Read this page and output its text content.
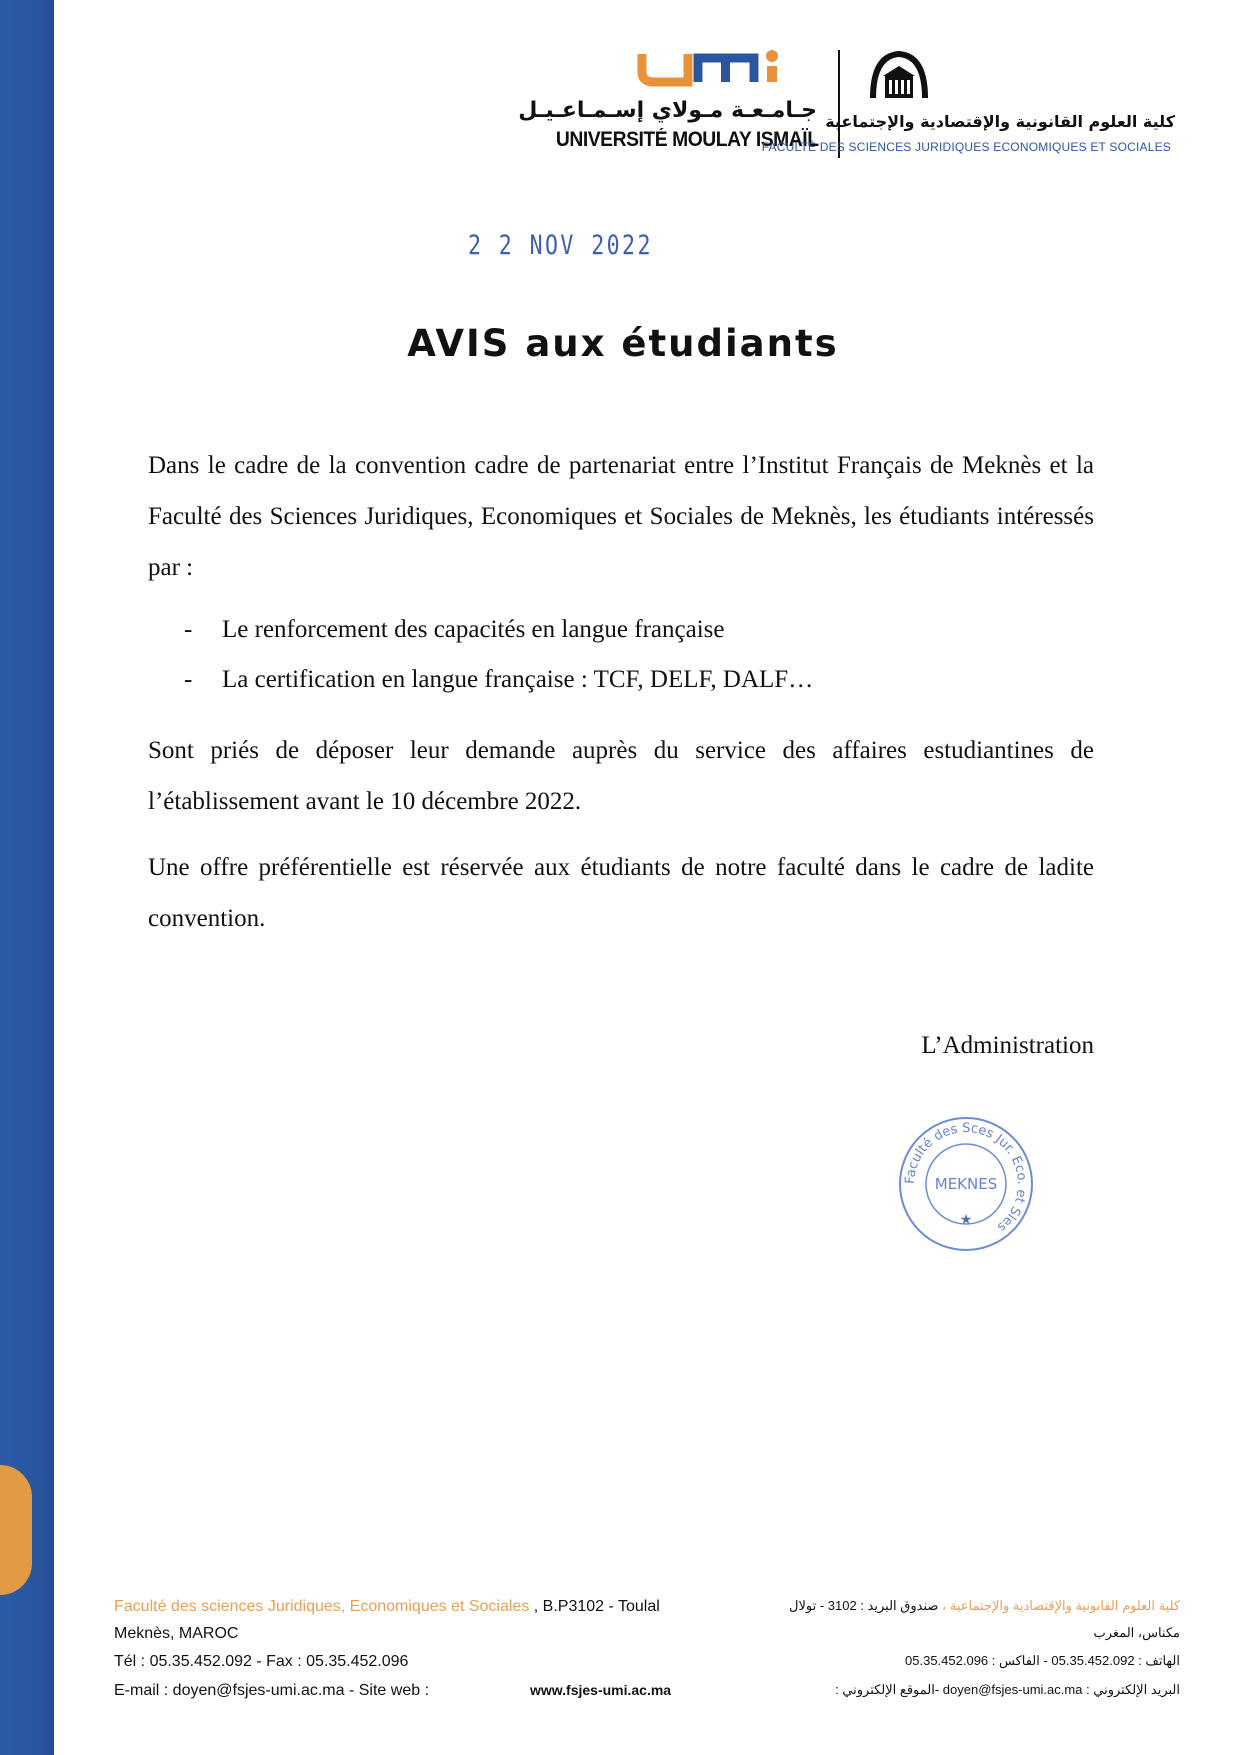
جـامـعـة مـولاي إسـمـاعـيـل
UNIVERSITÉ MOULAY ISMAÏL
كلية العلوم القانونية والإقتصادية والإجتماعية
FACULTÉ DES SCIENCES JURIDIQUES ECONOMIQUES ET SOCIALES
2 2 NOV 2022
AVIS aux étudiants
Dans le cadre de la convention cadre de partenariat entre l’Institut Français de Meknès et la Faculté des Sciences Juridiques, Economiques et Sociales de Meknès, les étudiants intéressés par :
- Le renforcement des capacités en langue française
- La certification en langue française : TCF, DELF, DALF…
Sont priés de déposer leur demande auprès du service des affaires estudiantines de l’établissement avant le 10 décembre 2022.
Une offre préférentielle est réservée aux étudiants de notre faculté dans le cadre de ladite convention.
L’Administration
Faculté des Sces Jur. Eco. et Sles
MEKNES
★
Faculté des sciences Juridiques, Economiques et Sociales , B.P3102 - Toulal	كلية العلوم القانونية والإقتصادية والإجتماعية ، صندوق البريد : 3102 - تولال
Meknès, MAROC	مكناس، المغرب
Tél : 05.35.452.092 - Fax : 05.35.452.096	الهاتف : 05.35.452.092 - الفاكس : 05.35.452.096
E-mail : doyen@fsjes-umi.ac.ma - Site web :	www.fsjes-umi.ac.ma	البريد الإلكتروني : doyen@fsjes-umi.ac.ma -الموقع الإلكتروني :
